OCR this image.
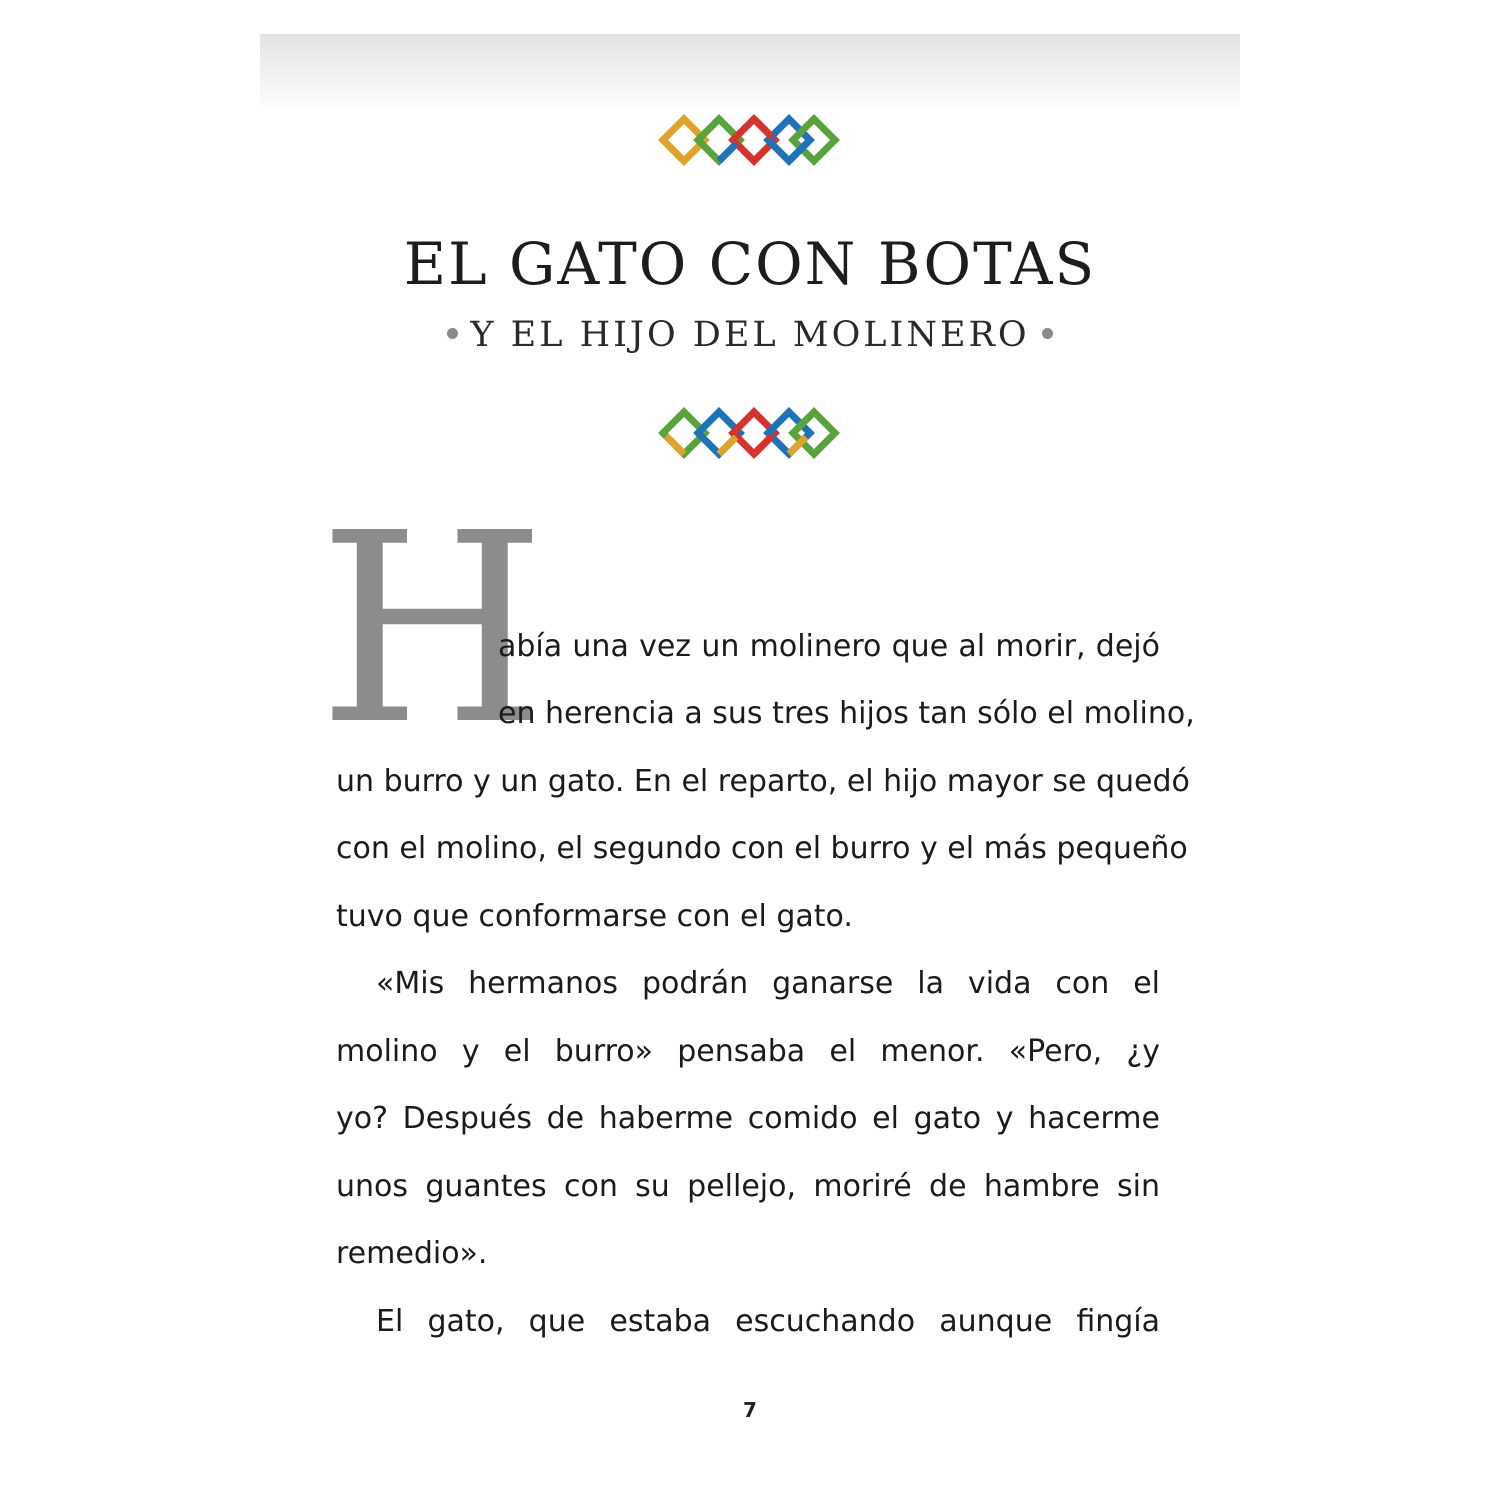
EL GATO CON BOTAS
Y EL HIJO DEL MOLINERO
H

abía una vez un molinero que al morir, dejó

en herencia a sus tres hijos tan sólo el molino,

un burro y un gato. En el reparto, el hijo mayor se quedó

con el molino, el segundo con el burro y el más pequeño

tuvo que conformarse con el gato.

«Mis hermanos podrán ganarse la vida con el

molino y el burro» pensaba el menor. «Pero, ¿y

yo? Después de haberme comido el gato y hacerme

unos guantes con su pellejo, moriré de hambre sin

remedio».

El gato, que estaba escuchando aunque fingía

7
